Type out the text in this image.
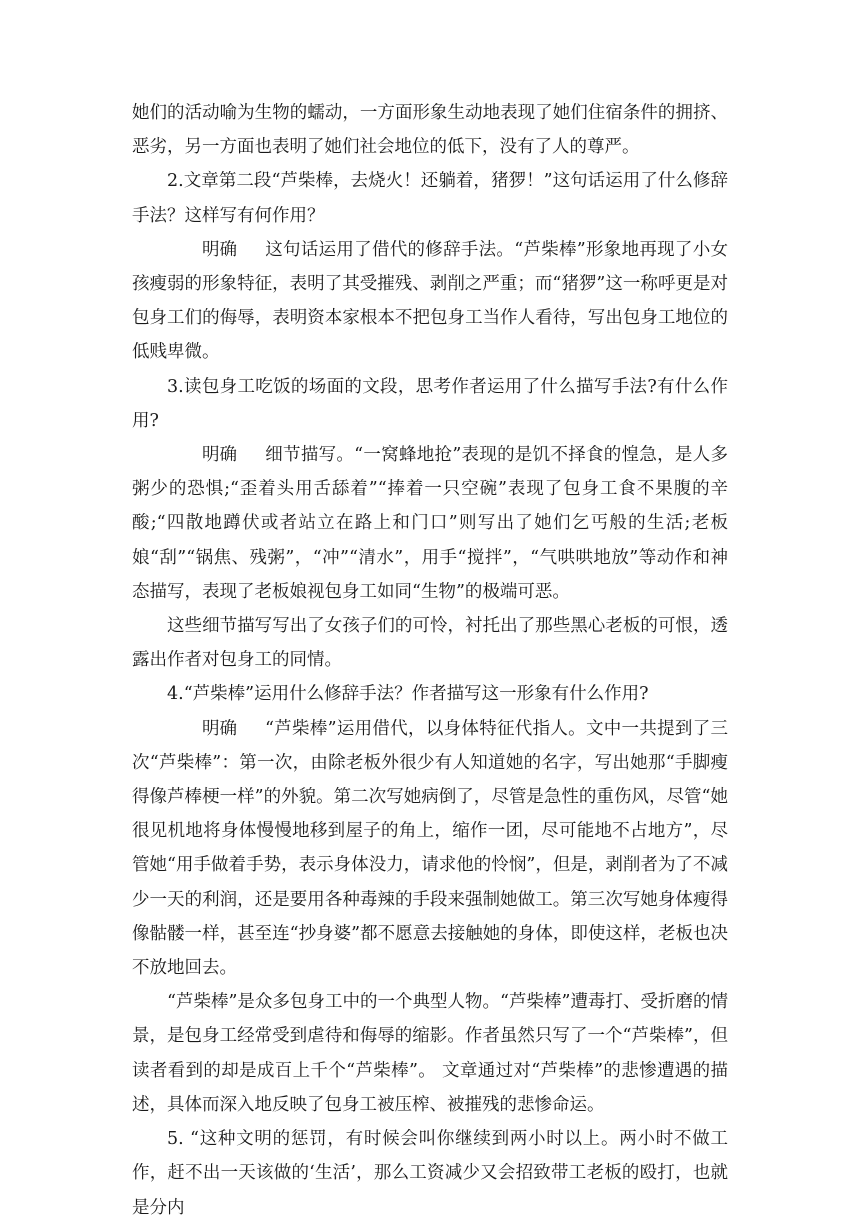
她们的活动喻为生物的蠕动，一方面形象生动地表现了她们住宿条件的拥挤、恶劣，另一方面也表明了她们社会地位的低下，没有了人的尊严。

2.文章第二段“芦柴棒，去烧火！还躺着，猪猡！”这句话运用了什么修辞手法？这样写有何作用？

明确 这句话运用了借代的修辞手法。“芦柴棒”形象地再现了小女孩瘦弱的形象特征，表明了其受摧残、剥削之严重；而“猪猡”这一称呼更是对包身工们的侮辱，表明资本家根本不把包身工当作人看待，写出包身工地位的低贱卑微。

3.读包身工吃饭的场面的文段，思考作者运用了什么描写手法?有什么作用?

明确 细节描写。“一窝蜂地抢”表现的是饥不择食的惶急，是人多粥少的恐惧;“歪着头用舌舔着”“捧着一只空碗”表现了包身工食不果腹的辛酸;“四散地蹲伏或者站立在路上和门口”则写出了她们乞丐般的生活;老板娘“刮”“锅焦、残粥”，“冲”“清水”，用手“搅拌”，“气哄哄地放”等动作和神态描写，表现了老板娘视包身工如同“生物”的极端可恶。

这些细节描写写出了女孩子们的可怜，衬托出了那些黑心老板的可恨，透露出作者对包身工的同情。

4.“芦柴棒”运用什么修辞手法？作者描写这一形象有什么作用?

明确 “芦柴棒”运用借代，以身体特征代指人。文中一共提到了三次“芦柴棒”：第一次，由除老板外很少有人知道她的名字，写出她那“手脚瘦得像芦棒梗一样”的外貌。第二次写她病倒了，尽管是急性的重伤风，尽管“她很见机地将身体慢慢地移到屋子的角上，缩作一团，尽可能地不占地方”，尽管她“用手做着手势，表示身体没力，请求他的怜悯”，但是，剥削者为了不减少一天的利润，还是要用各种毒辣的手段来强制她做工。第三次写她身体瘦得像骷髅一样，甚至连“抄身婆”都不愿意去接触她的身体，即使这样，老板也决不放地回去。

“芦柴棒”是众多包身工中的一个典型人物。“芦柴棒”遭毒打、受折磨的情景，是包身工经常受到虐待和侮辱的缩影。作者虽然只写了一个“芦柴棒”，但读者看到的却是成百上千个“芦柴棒”。 文章通过对“芦柴棒”的悲惨遭遇的描述，具体而深入地反映了包身工被压榨、被摧残的悲惨命运。

5. “这种文明的惩罚，有时候会叫你继续到两小时以上。两小时不做工作，赶不出一天该做的‘生活’，那么工资减少又会招致带工老板的殴打，也就是分内
